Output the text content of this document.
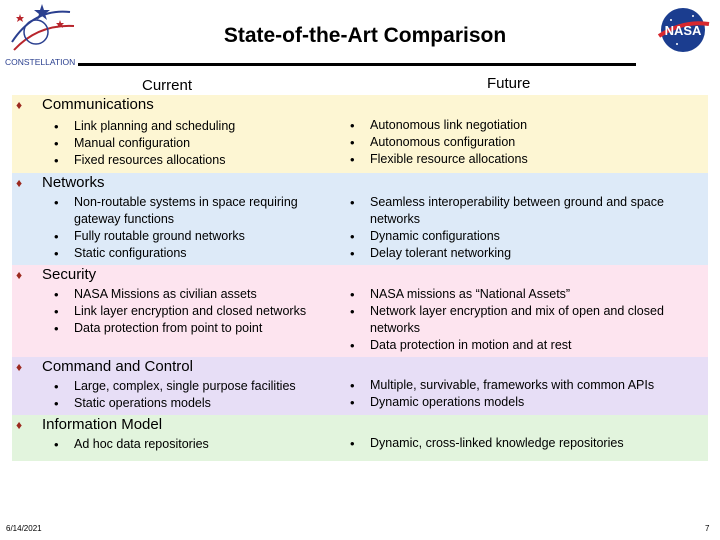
CONSTELLATION
NASA
State-of-the-Art Comparison
Current	Future
♦ Communications
• Link planning and scheduling
• Manual configuration
• Fixed resources allocations
• Autonomous link negotiation
• Autonomous configuration
• Flexible resource allocations
♦ Networks
• Non-routable systems in space requiring gateway functions
• Fully routable ground networks
• Static configurations
• Seamless interoperability between ground and space networks
• Dynamic configurations
• Delay tolerant networking
♦ Security
• NASA Missions as civilian assets
• Link layer encryption and closed networks
• Data protection from point to point
• NASA missions as “National Assets”
• Network layer encryption and mix of open and closed networks
• Data protection in motion and at rest
♦ Command and Control
• Large, complex, single purpose facilities
• Static operations models
• Multiple, survivable, frameworks with common APIs
• Dynamic operations models
♦ Information Model
• Ad hoc data repositories
•	Dynamic, cross-linked knowledge repositories
6/14/2021	7
